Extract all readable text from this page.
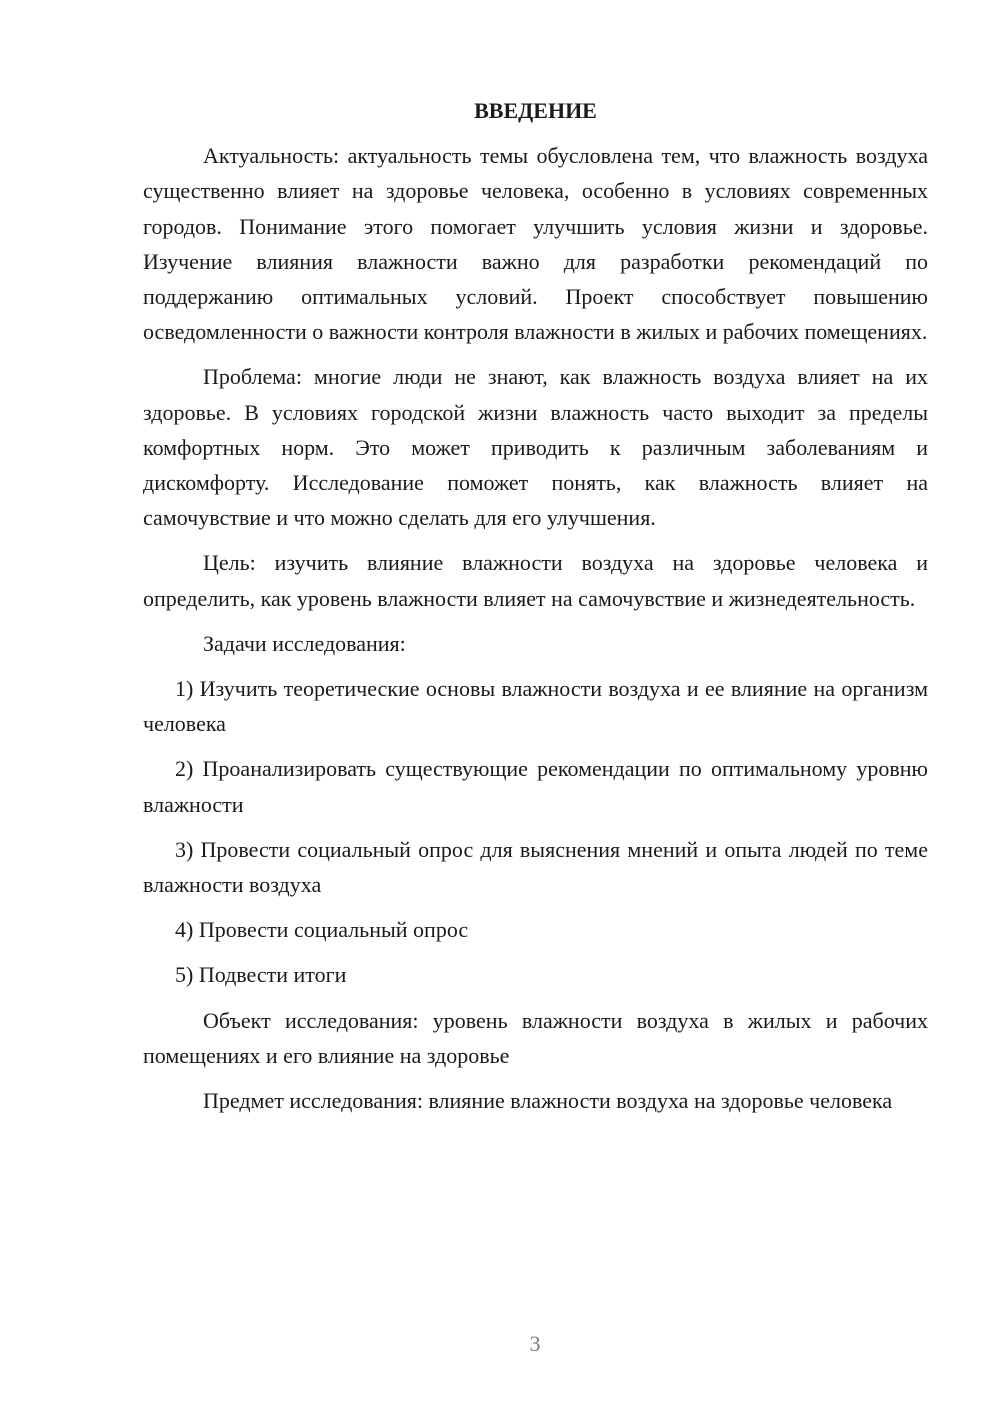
ВВЕДЕНИЕ

Актуальность: актуальность темы обусловлена тем, что влажность воздуха существенно влияет на здоровье человека, особенно в условиях современных городов. Понимание этого помогает улучшить условия жизни и здоровье. Изучение влияния влажности важно для разработки рекомендаций по поддержанию оптимальных условий. Проект способствует повышению осведомленности о важности контроля влажности в жилых и рабочих помещениях.

Проблема: многие люди не знают, как влажность воздуха влияет на их здоровье. В условиях городской жизни влажность часто выходит за пределы комфортных норм. Это может приводить к различным заболеваниям и дискомфорту. Исследование поможет понять, как влажность влияет на самочувствие и что можно сделать для его улучшения.

Цель: изучить влияние влажности воздуха на здоровье человека и определить, как уровень влажности влияет на самочувствие и жизнедеятельность.

Задачи исследования:

1) Изучить теоретические основы влажности воздуха и ее влияние на организм человека

2) Проанализировать существующие рекомендации по оптимальному уровню влажности

3) Провести социальный опрос для выяснения мнений и опыта людей по теме влажности воздуха

4) Провести социальный опрос

5) Подвести итоги

Объект исследования: уровень влажности воздуха в жилых и рабочих помещениях и его влияние на здоровье

Предмет исследования: влияние влажности воздуха на здоровье человека

3
